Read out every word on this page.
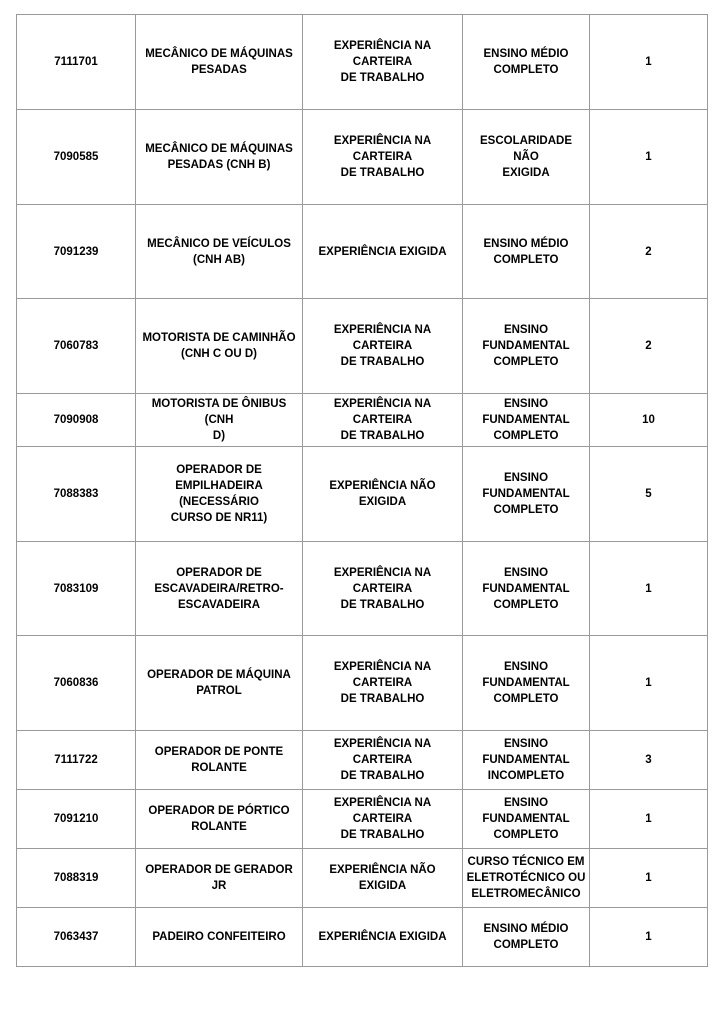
7111701	MECÂNICO DE MÁQUINAS
PESADAS	EXPERIÊNCIA NA CARTEIRA
DE TRABALHO	ENSINO MÉDIO
COMPLETO	1
7090585	MECÂNICO DE MÁQUINAS
PESADAS (CNH B)	EXPERIÊNCIA NA CARTEIRA
DE TRABALHO	ESCOLARIDADE NÃO
EXIGIDA	1
7091239	MECÂNICO DE VEÍCULOS
(CNH AB)	EXPERIÊNCIA EXIGIDA	ENSINO MÉDIO
COMPLETO	2
7060783	MOTORISTA DE CAMINHÃO
(CNH C OU D)	EXPERIÊNCIA NA CARTEIRA
DE TRABALHO	ENSINO
FUNDAMENTAL
COMPLETO	2
7090908	MOTORISTA DE ÔNIBUS (CNH
D)	EXPERIÊNCIA NA CARTEIRA
DE TRABALHO	ENSINO
FUNDAMENTAL
COMPLETO	10
7088383	OPERADOR DE
EMPILHADEIRA (NECESSÁRIO
CURSO DE NR11)	EXPERIÊNCIA NÃO EXIGIDA	ENSINO
FUNDAMENTAL
COMPLETO	5
7083109	OPERADOR DE
ESCAVADEIRA/RETRO-
ESCAVADEIRA	EXPERIÊNCIA NA CARTEIRA
DE TRABALHO	ENSINO
FUNDAMENTAL
COMPLETO	1
7060836	OPERADOR DE MÁQUINA
PATROL	EXPERIÊNCIA NA CARTEIRA
DE TRABALHO	ENSINO
FUNDAMENTAL
COMPLETO	1
7111722	OPERADOR DE PONTE
ROLANTE	EXPERIÊNCIA NA CARTEIRA
DE TRABALHO	ENSINO
FUNDAMENTAL
INCOMPLETO	3
7091210	OPERADOR DE PÓRTICO
ROLANTE	EXPERIÊNCIA NA CARTEIRA
DE TRABALHO	ENSINO
FUNDAMENTAL
COMPLETO	1
7088319	OPERADOR DE GERADOR JR	EXPERIÊNCIA NÃO EXIGIDA	CURSO TÉCNICO EM
ELETROTÉCNICO OU
ELETROMECÂNICO	1
7063437	PADEIRO CONFEITEIRO	EXPERIÊNCIA EXIGIDA	ENSINO MÉDIO
COMPLETO	1
